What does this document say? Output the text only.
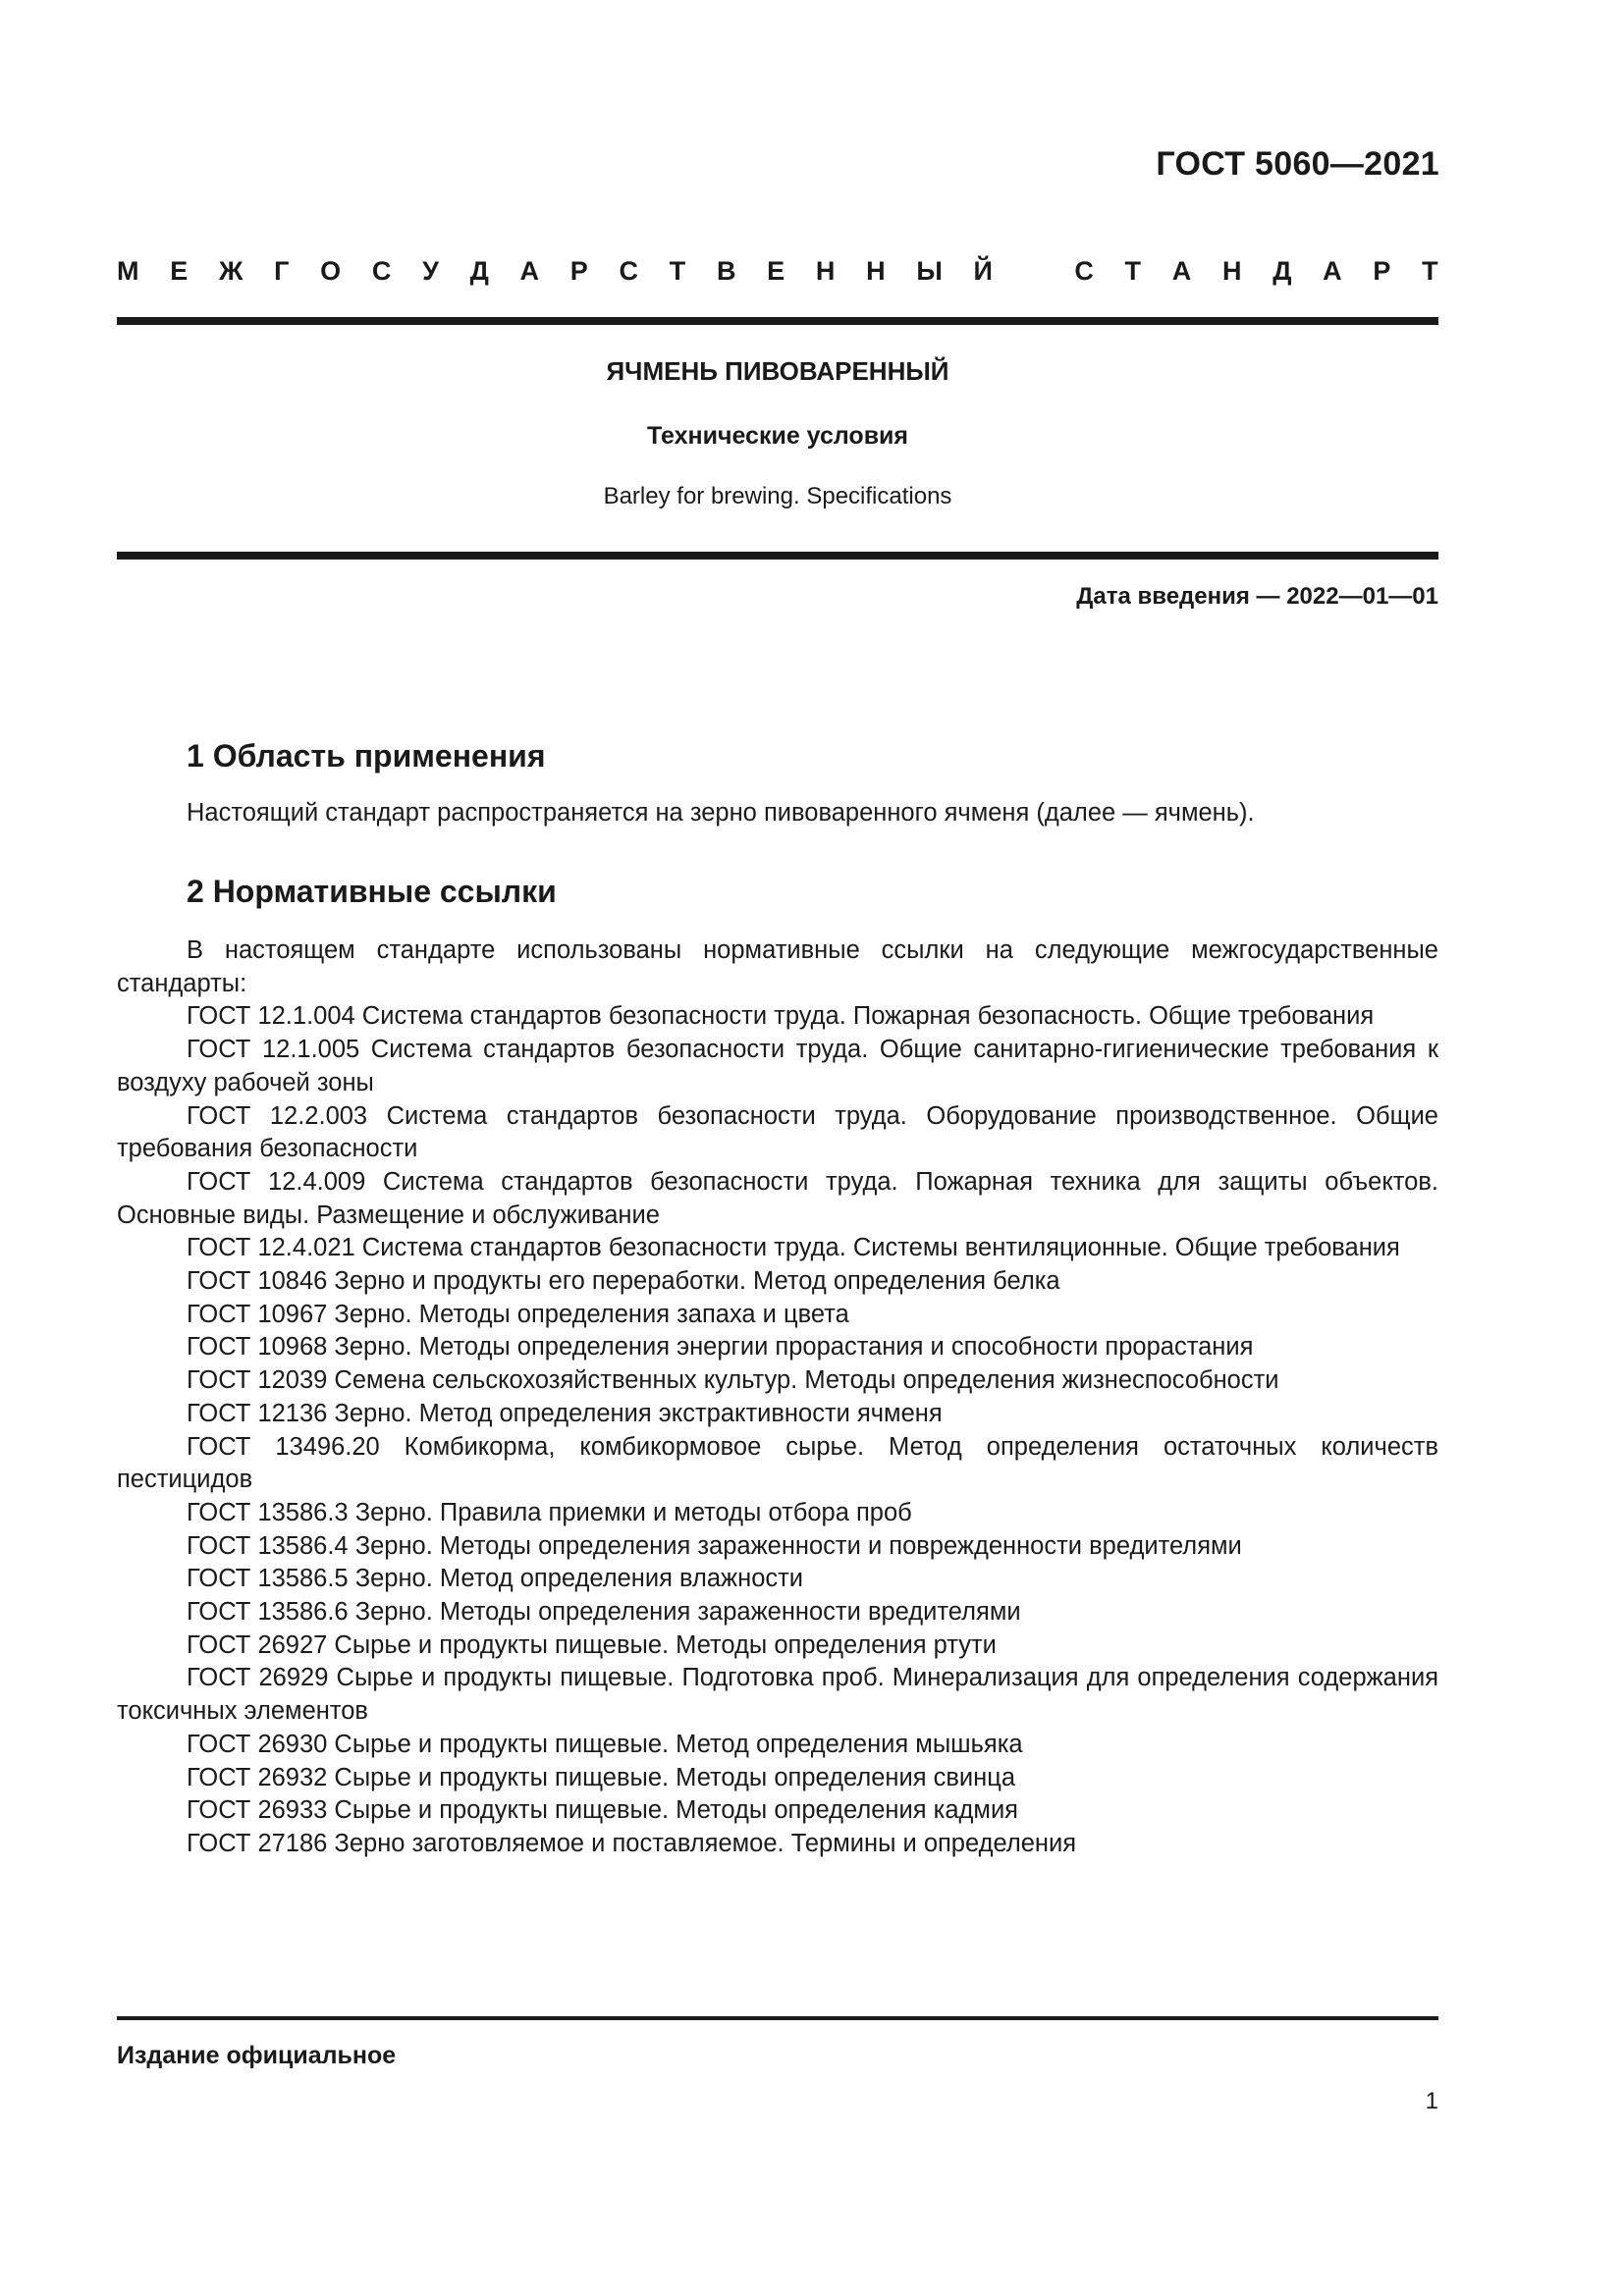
ГОСТ 5060—2021
М Е Ж Г О С У Д А Р С Т В Е Н Н Ы Й	С Т А Н Д А Р Т
ЯЧМЕНЬ ПИВОВАРЕННЫЙ
Технические условия
Barley for brewing. Specifications
Дата введения — 2022—01—01
1 Область применения
Настоящий стандарт распространяется на зерно пивоваренного ячменя (далее — ячмень).
2 Нормативные ссылки

В настоящем стандарте использованы нормативные ссылки на следующие межгосударственные стандарты:

ГОСТ 12.1.004 Система стандартов безопасности труда. Пожарная безопасность. Общие требования

ГОСТ 12.1.005 Система стандартов безопасности труда. Общие санитарно-гигиенические требования к воздуху рабочей зоны

ГОСТ 12.2.003 Система стандартов безопасности труда. Оборудование производственное. Общие требования безопасности

ГОСТ 12.4.009 Система стандартов безопасности труда. Пожарная техника для защиты объектов. Основные виды. Размещение и обслуживание

ГОСТ 12.4.021 Система стандартов безопасности труда. Системы вентиляционные. Общие требования

ГОСТ 10846 Зерно и продукты его переработки. Метод определения белка

ГОСТ 10967 Зерно. Методы определения запаха и цвета

ГОСТ 10968 Зерно. Методы определения энергии прорастания и способности прорастания

ГОСТ 12039 Семена сельскохозяйственных культур. Методы определения жизнеспособности

ГОСТ 12136 Зерно. Метод определения экстрактивности ячменя

ГОСТ 13496.20 Комбикорма, комбикормовое сырье. Метод определения остаточных количеств пестицидов

ГОСТ 13586.3 Зерно. Правила приемки и методы отбора проб

ГОСТ 13586.4 Зерно. Методы определения зараженности и поврежденности вредителями

ГОСТ 13586.5 Зерно. Метод определения влажности

ГОСТ 13586.6 Зерно. Методы определения зараженности вредителями

ГОСТ 26927 Сырье и продукты пищевые. Методы определения ртути

ГОСТ 26929 Сырье и продукты пищевые. Подготовка проб. Минерализация для определения содержания токсичных элементов

ГОСТ 26930 Сырье и продукты пищевые. Метод определения мышьяка

ГОСТ 26932 Сырье и продукты пищевые. Методы определения свинца

ГОСТ 26933 Сырье и продукты пищевые. Методы определения кадмия

ГОСТ 27186 Зерно заготовляемое и поставляемое. Термины и определения

Издание официальное
1
